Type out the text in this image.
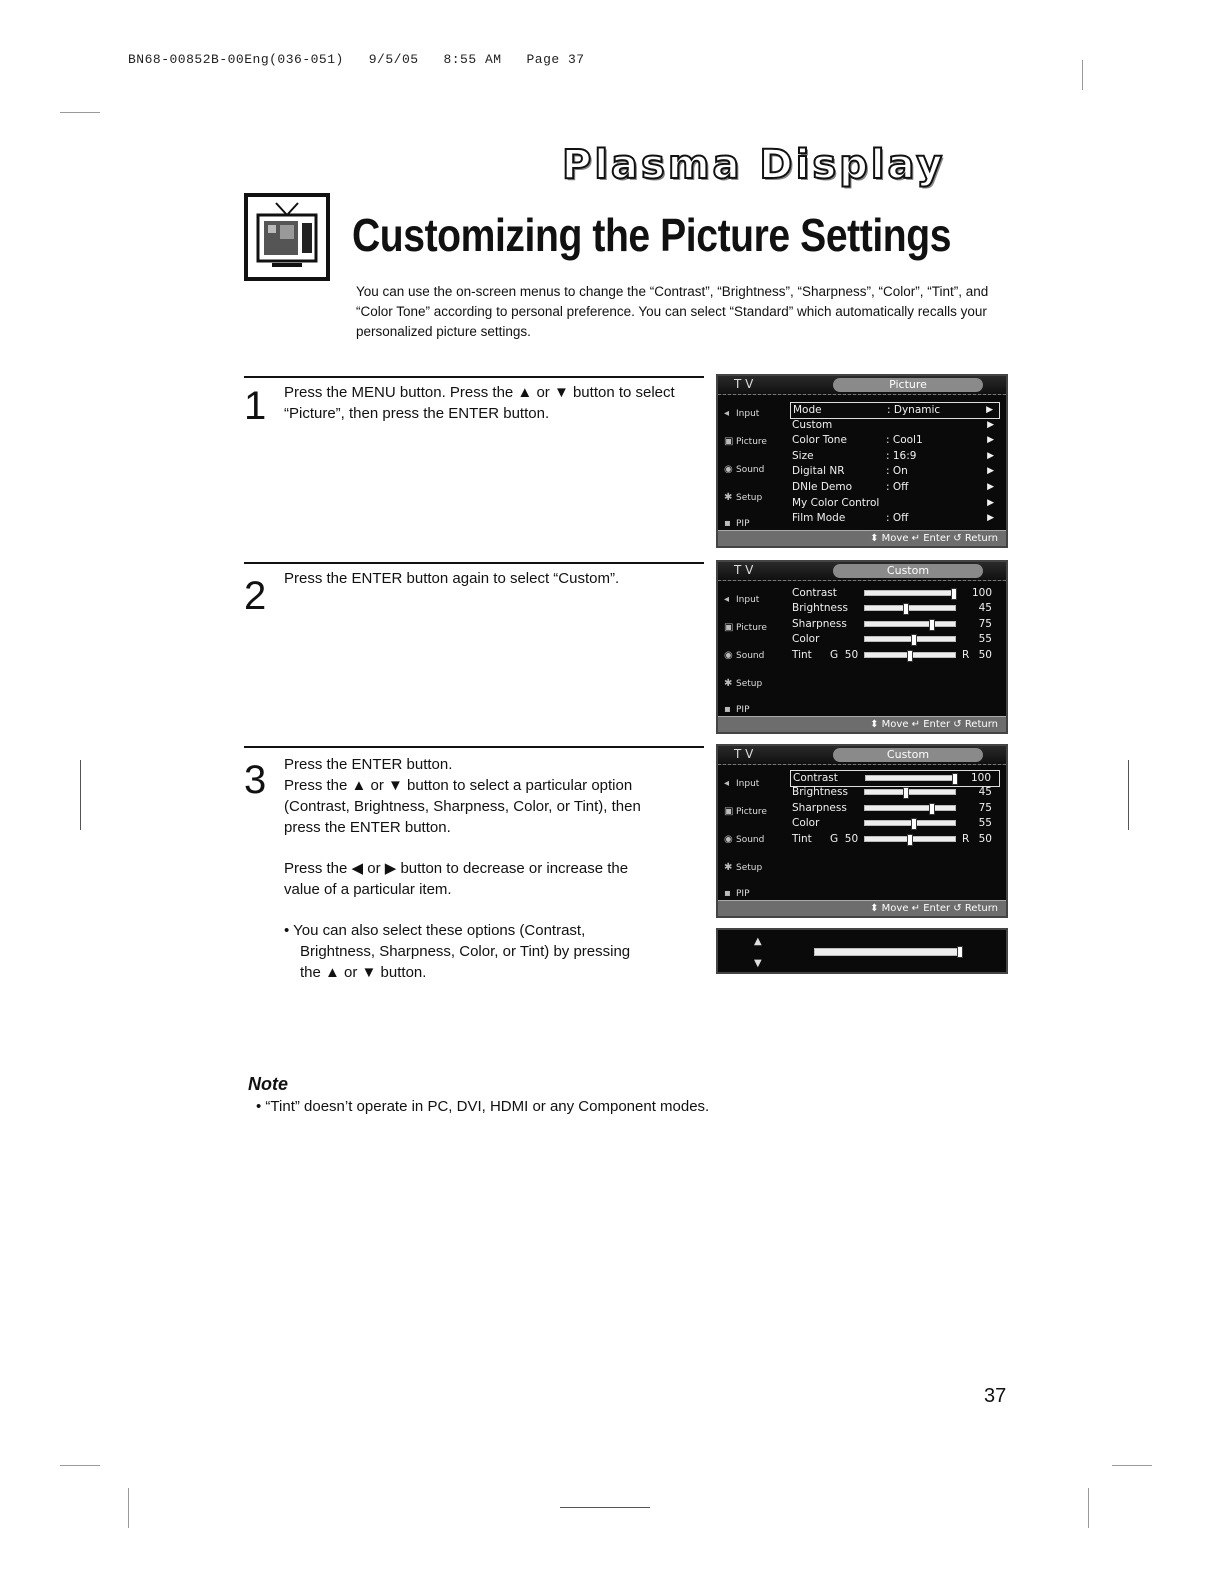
BN68-00852B-00Eng(036-051)   9/5/05   8:55 AM   Page 37
Plasma Display
Customizing the Picture Settings
You can use the on-screen menus to change the “Contrast”, “Brightness”, “Sharpness”, “Color”, “Tint”, and “Color Tone” according to personal preference. You can select “Standard” which automatically recalls your personalized picture settings.
1 Press the MENU button. Press the ▲ or ▼ button to select
“Picture”, then press the ENTER button.
T V	Picture
◂ Input
▣ Picture
◉ Sound
✱ Setup
▪ PIP
Mode	: Dynamic	▶
Custom	▶
Color Tone	: Cool1	▶
Size	: 16:9	▶
Digital NR	: On	▶
DNIe Demo	: Off	▶
My Color Control	▶
Film Mode	: Off	▶
⬍ Move ↵ Enter ↺ Return
2 Press the ENTER button again to select “Custom”.	T V	Custom
◂ Input
▣ Picture
◉ Sound
✱ Setup
▪ PIP
Contrast	100
Brightness	45
Sharpness	75
Color	55
Tint G  50	R 50
⬍ Move ↵ Enter ↺ Return
3 Press the ENTER button.
Press the ▲ or ▼ button to select a particular option
(Contrast, Brightness, Sharpness, Color, or Tint), then
press the ENTER button.
Press the ◀ or ▶ button to decrease or increase the
value of a particular item.
• You can also select these options (Contrast,
Brightness, Sharpness, Color, or Tint) by pressing
the ▲ or ▼ button.
T V	Custom
◂ Input
▣ Picture
◉ Sound
✱ Setup
▪ PIP
Contrast	100
Brightness	45
Sharpness	75
Color	55
Tint G  50	R 50
⬍ Move ↵ Enter ↺ Return
▲
▼
Note
• “Tint” doesn’t operate in PC, DVI, HDMI or any Component modes.
37
